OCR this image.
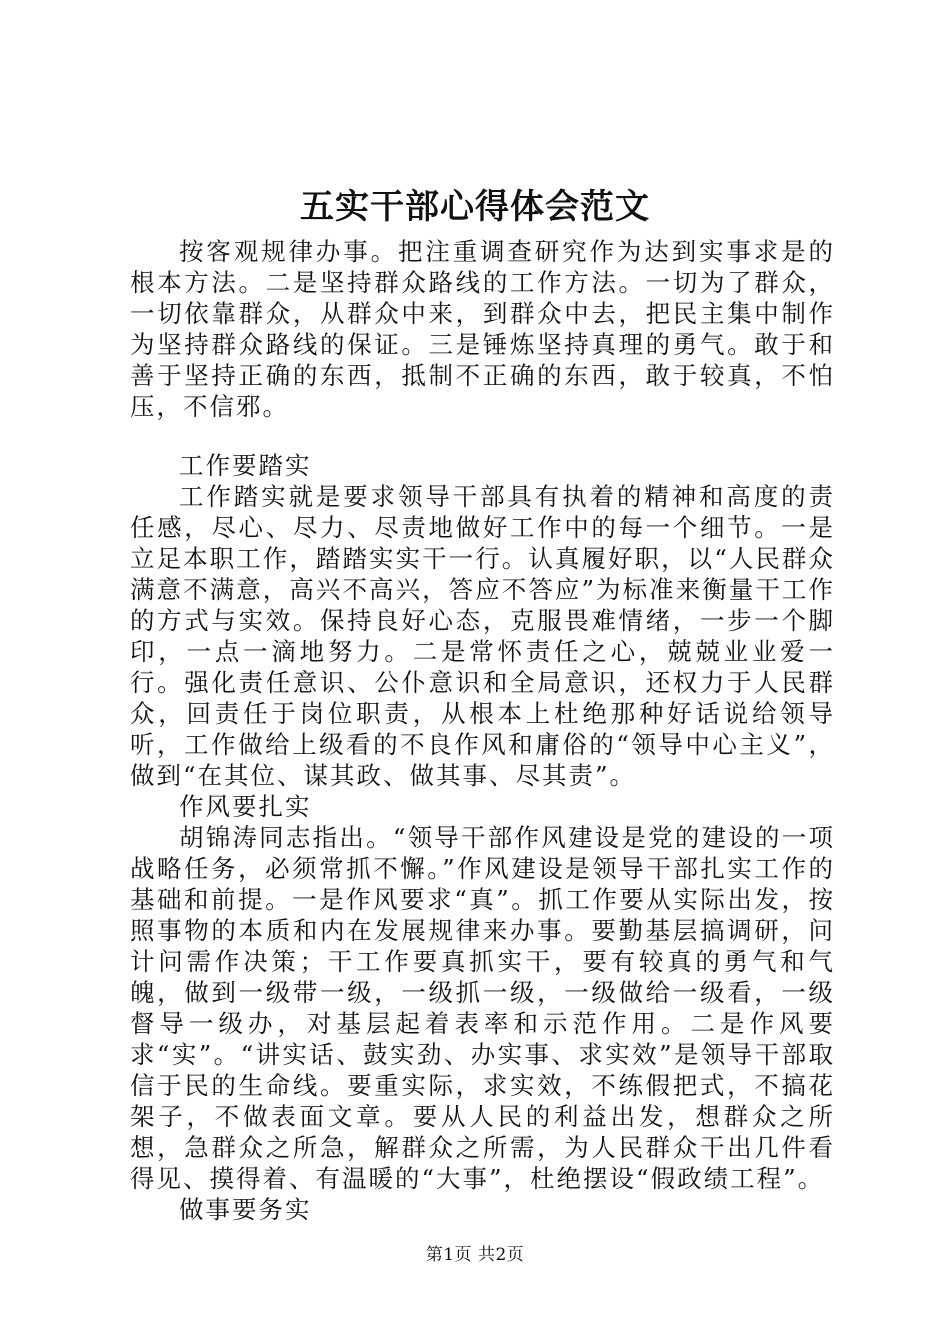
五实干部心得体会范文

按客观规律办事。把注重调查研究作为达到实事求是的根本方法。二是坚持群众路线的工作方法。一切为了群众，一切依靠群众，从群众中来，到群众中去，把民主集中制作为坚持群众路线的保证。三是锤炼坚持真理的勇气。敢于和善于坚持正确的东西，抵制不正确的东西，敢于较真，不怕压，不信邪。

工作要踏实

工作踏实就是要求领导干部具有执着的精神和高度的责任感，尽心、尽力、尽责地做好工作中的每一个细节。一是立足本职工作，踏踏实实干一行。认真履好职，以“人民群众满意不满意，高兴不高兴，答应不答应”为标准来衡量干工作的方式与实效。保持良好心态，克服畏难情绪，一步一个脚印，一点一滴地努力。二是常怀责任之心，兢兢业业爱一行。强化责任意识、公仆意识和全局意识，还权力于人民群众，回责任于岗位职责，从根本上杜绝那种好话说给领导听，工作做给上级看的不良作风和庸俗的“领导中心主义”，做到“在其位、谋其政、做其事、尽其责”。

作风要扎实

胡锦涛同志指出。“领导干部作风建设是党的建设的一项战略任务，必须常抓不懈。”作风建设是领导干部扎实工作的基础和前提。一是作风要求“真”。抓工作要从实际出发，按照事物的本质和内在发展规律来办事。要勤基层搞调研，问计问需作决策；干工作要真抓实干，要有较真的勇气和气魄，做到一级带一级，一级抓一级，一级做给一级看，一级督导一级办，对基层起着表率和示范作用。二是作风要求“实”。“讲实话、鼓实劲、办实事、求实效”是领导干部取信于民的生命线。要重实际，求实效，不练假把式，不搞花架子，不做表面文章。要从人民的利益出发，想群众之所想，急群众之所急，解群众之所需，为人民群众干出几件看得见、摸得着、有温暖的“大事”，杜绝摆设“假政绩工程”。

做事要务实

第1页 共2页
